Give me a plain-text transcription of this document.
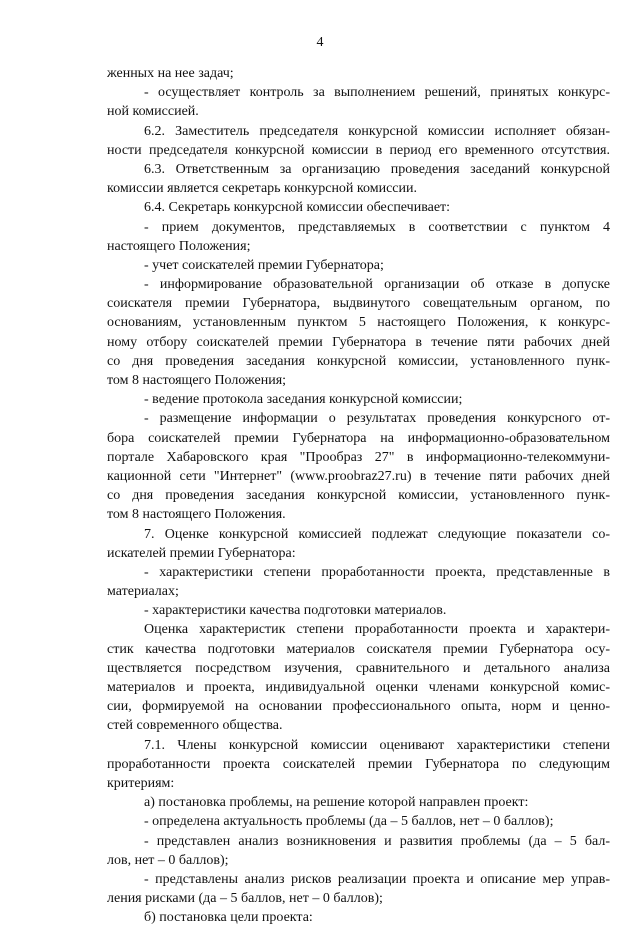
4
женных на нее задач;
- осуществляет контроль за выполнением решений, принятых конкурс-
ной комиссией.
6.2. Заместитель председателя конкурсной комиссии исполняет обязан-
ности председателя конкурсной комиссии в период его временного отсутствия.
6.3. Ответственным за организацию проведения заседаний конкурсной
комиссии является секретарь конкурсной комиссии.
6.4. Секретарь конкурсной комиссии обеспечивает:
- прием документов, представляемых в соответствии с пунктом 4
настоящего Положения;
- учет соискателей премии Губернатора;
- информирование образовательной организации об отказе в допуске
соискателя премии Губернатора, выдвинутого совещательным органом, по
основаниям, установленным пунктом 5 настоящего Положения, к конкурс-
ному отбору соискателей премии Губернатора в течение пяти рабочих дней
со дня проведения заседания конкурсной комиссии, установленного пунк-
том 8 настоящего Положения;
- ведение протокола заседания конкурсной комиссии;
- размещение информации о результатах проведения конкурсного от-
бора соискателей премии Губернатора на информационно-образовательном
портале Хабаровского края "Прообраз 27" в информационно-телекоммуни-
кационной сети "Интернет" (www.proobraz27.ru) в течение пяти рабочих дней
со дня проведения заседания конкурсной комиссии, установленного пунк-
том 8 настоящего Положения.
7. Оценке конкурсной комиссией подлежат следующие показатели со-
искателей премии Губернатора:
- характеристики степени проработанности проекта, представленные в
материалах;
- характеристики качества подготовки материалов.
Оценка характеристик степени проработанности проекта и характери-
стик качества подготовки материалов соискателя премии Губернатора осу-
ществляется посредством изучения, сравнительного и детального анализа
материалов и проекта, индивидуальной оценки членами конкурсной комис-
сии, формируемой на основании профессионального опыта, норм и ценно-
стей современного общества.
7.1. Члены конкурсной комиссии оценивают характеристики степени
проработанности проекта соискателей премии Губернатора по следующим
критериям:
а) постановка проблемы, на решение которой направлен проект:
- определена актуальность проблемы (да – 5 баллов, нет – 0 баллов);
- представлен анализ возникновения и развития проблемы (да – 5 бал-
лов, нет – 0 баллов);
- представлены анализ рисков реализации проекта и описание мер управ-
ления рисками (да – 5 баллов, нет – 0 баллов);
б) постановка цели проекта:
